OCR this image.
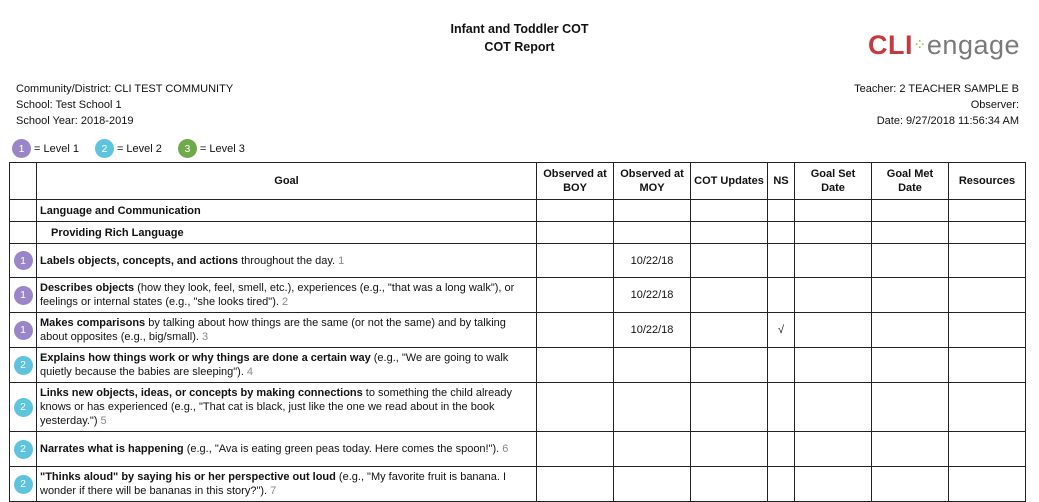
Infant and Toddler COT
COT Report	CLI⁘engage
Community/District: CLI TEST COMMUNITY
School: Test School 1
School Year: 2018-2019
Teacher: 2 TEACHER SAMPLE B
Observer:
Date: 9/27/2018 11:56:34 AM
1 = Level 1	2 = Level 2	3 = Level 3
	Goal	Observed at BOY	Observed at MOY	COT Updates	NS	Goal Set Date	Goal Met Date	Resources
	Language and Communication							
	Providing Rich Language							
1	Labels objects, concepts, and actions throughout the day. 1		10/22/18					
1	Describes objects (how they look, feel, smell, etc.), experiences (e.g., "that was a long walk"), or feelings or internal states (e.g., "she looks tired"). 2		10/22/18					
1	Makes comparisons by talking about how things are the same (or not the same) and by talking about opposites (e.g., big/small). 3		10/22/18		√			
2	Explains how things work or why things are done a certain way (e.g., "We are going to walk quietly because the babies are sleeping"). 4							
2	Links new objects, ideas, or concepts by making connections to something the child already knows or has experienced (e.g., "That cat is black, just like the one we read about in the book yesterday.") 5							
2	Narrates what is happening (e.g., "Ava is eating green peas today. Here comes the spoon!"). 6							
2	"Thinks aloud" by saying his or her perspective out loud (e.g., "My favorite fruit is banana. I wonder if there will be bananas in this story?"). 7							
